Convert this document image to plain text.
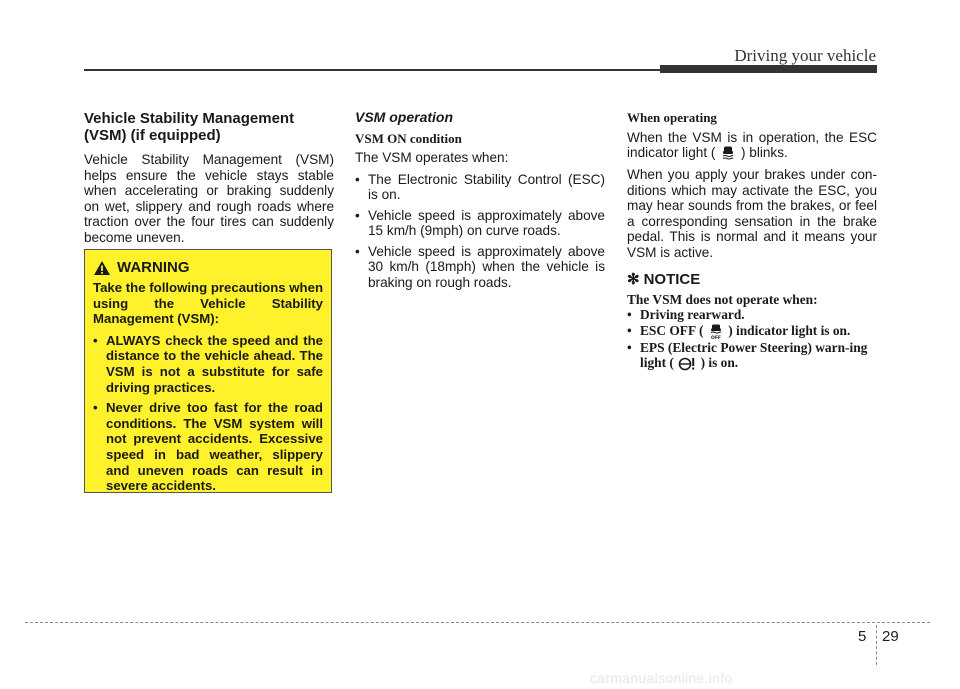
Driving your vehicle
Vehicle Stability Management (VSM) (if equipped)

Vehicle Stability Management (VSM) helps ensure the vehicle stays stable when accelerating or braking suddenly on wet, slippery and rough roads where traction over the four tires can suddenly become uneven.

WARNING

Take the following precautions when using the Vehicle Stability Management (VSM):

• ALWAYS check the speed and the distance to the vehicle ahead. The VSM is not a substitute for safe driving practices.
• Never drive too fast for the road conditions. The VSM system will not prevent accidents. Excessive speed in bad weather, slippery and uneven roads can result in severe accidents.
VSM operation
VSM ON condition

The VSM operates when:

• The Electronic Stability Control (ESC) is on.
• Vehicle speed is approximately above 15 km/h (9mph) on curve roads.
• Vehicle speed is approximately above 30 km/h (18mph) when the vehicle is braking on rough roads.
When operating

When the VSM is in operation, the ESC indicator light ( ) blinks.

When you apply your brakes under con-ditions which may activate the ESC, you may hear sounds from the brakes, or feel a corresponding sensation in the brake pedal. This is normal and it means your VSM is active.

✻ NOTICE
The VSM does not operate when:
• Driving rearward.
• ESC OFF (
OFF
) indicator light is on.
• EPS (Electric Power Steering) warn-ing light ( ) is on.
5 29
carmanualsonline.info
